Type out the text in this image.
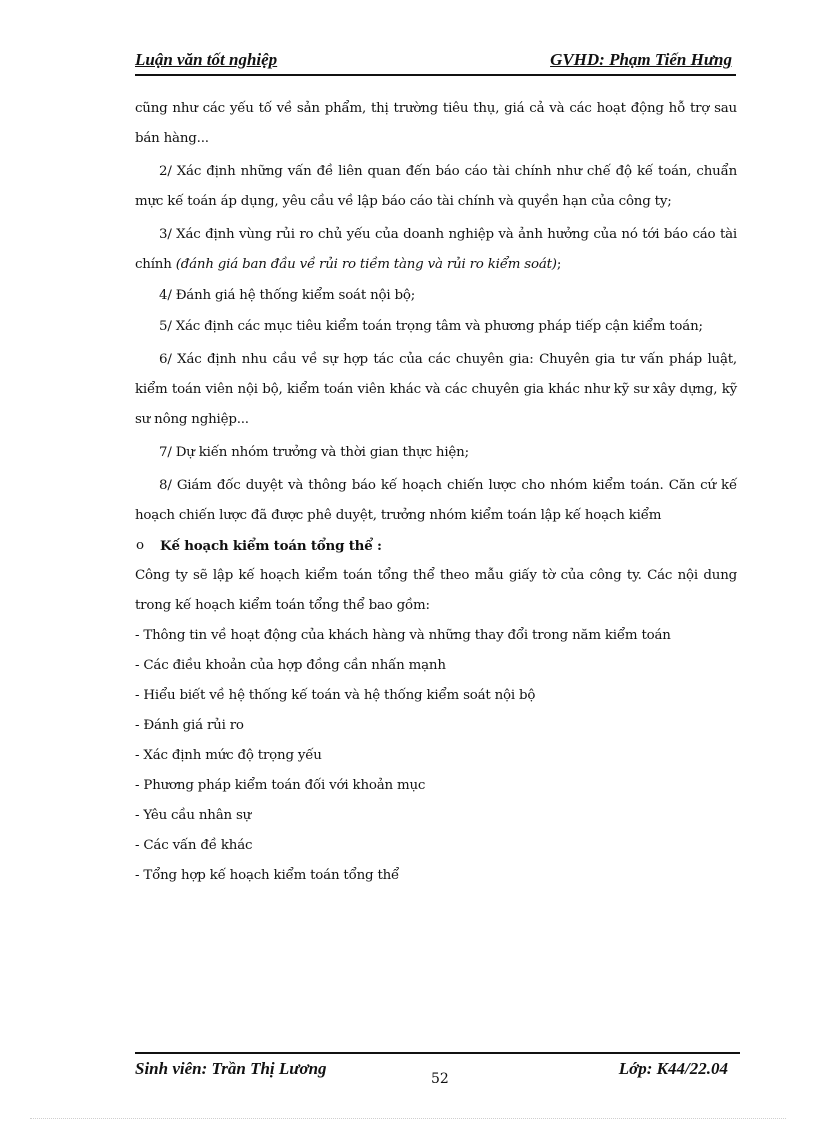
Luận văn tốt nghiệp	GVHD: Phạm Tiến Hưng

cũng như các yếu tố về sản phẩm, thị trường tiêu thụ, giá cả và các hoạt động hỗ trợ sau bán hàng...

2/ Xác định những vấn đề liên quan đến báo cáo tài chính như chế độ kế toán, chuẩn mực kế toán áp dụng, yêu cầu về lập báo cáo tài chính và quyền hạn của công ty;

3/ Xác định vùng rủi ro chủ yếu của doanh nghiệp và ảnh hưởng của nó tới báo cáo tài chính (đánh giá ban đầu về rủi ro tiềm tàng và rủi ro kiểm soát);

4/ Đánh giá hệ thống kiểm soát nội bộ;

5/ Xác định các mục tiêu kiểm toán trọng tâm và phương pháp tiếp cận kiểm toán;

6/ Xác định nhu cầu về sự hợp tác của các chuyên gia: Chuyên gia tư vấn pháp luật, kiểm toán viên nội bộ, kiểm toán viên khác và các chuyên gia khác như kỹ sư xây dựng, kỹ sư nông nghiệp...

7/ Dự kiến nhóm trưởng và thời gian thực hiện;

8/ Giám đốc duyệt và thông báo kế hoạch chiến lược cho nhóm kiểm toán. Căn cứ kế hoạch chiến lược đã được phê duyệt, trưởng nhóm kiểm toán lập kế hoạch kiểm

o Kế hoạch kiểm toán tổng thể :

Công ty sẽ lập kế hoạch kiểm toán tổng thể theo mẫu giấy tờ của công ty. Các nội dung trong kế hoạch kiểm toán tổng thể bao gồm:

- Thông tin về hoạt động của khách hàng và những thay đổi trong năm kiểm toán

- Các điều khoản của hợp đồng cần nhấn mạnh

- Hiểu biết về hệ thống kế toán và hệ thống kiểm soát nội bộ

- Đánh giá rủi ro

- Xác định mức độ trọng yếu

- Phương pháp kiểm toán đối với khoản mục

- Yêu cầu nhân sự

- Các vấn đề khác

- Tổng hợp kế hoạch kiểm toán tổng thể

Sinh viên: Trần Thị Lương
52
Lớp: K44/22.04
